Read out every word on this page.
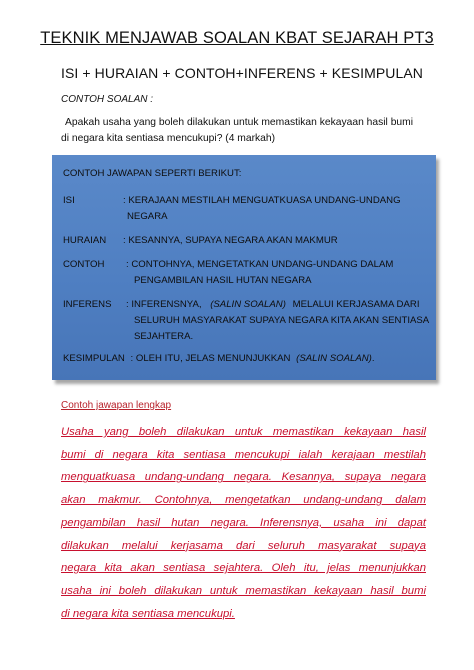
TEKNIK MENJAWAB SOALAN KBAT SEJARAH PT3
ISI + HURAIAN + CONTOH+INFERENS + KESIMPULAN
CONTOH SOALAN :
Apakah usaha yang boleh dilakukan untuk memastikan kekayaan hasil bumi
di negara kita sentiasa mencukupi? (4 markah)
CONTOH JAWAPAN SEPERTI BERIKUT:
ISI	: KERAJAAN MESTILAH MENGUATKUASA UNDANG-UNDANG
NEGARA
HURAIAN : KESANNYA, SUPAYA NEGARA AKAN MAKMUR
CONTOH : CONTOHNYA, MENGETATKAN UNDANG-UNDANG DALAM
PENGAMBILAN HASIL HUTAN NEGARA
INFERENS : INFERENSNYA, (SALIN SOALAN) MELALUI KERJASAMA DARI
SELURUH MASYARAKAT SUPAYA NEGARA KITA AKAN SENTIASA
SEJAHTERA.
KESIMPULAN : OLEH ITU, JELAS MENUNJUKKAN (SALIN SOALAN).
Contoh jawapan lengkap
Usaha yang boleh dilakukan untuk memastikan kekayaan hasil
bumi di negara kita sentiasa mencukupi ialah kerajaan mestilah
menguatkuasa undang-undang negara. Kesannya, supaya negara
akan makmur. Contohnya, mengetatkan undang-undang dalam
pengambilan hasil hutan negara. Inferensnya, usaha ini dapat
dilakukan melalui kerjasama dari seluruh masyarakat supaya
negara kita akan sentiasa sejahtera. Oleh itu, jelas menunjukkan
usaha ini boleh dilakukan untuk memastikan kekayaan hasil bumi
di negara kita sentiasa mencukupi.
